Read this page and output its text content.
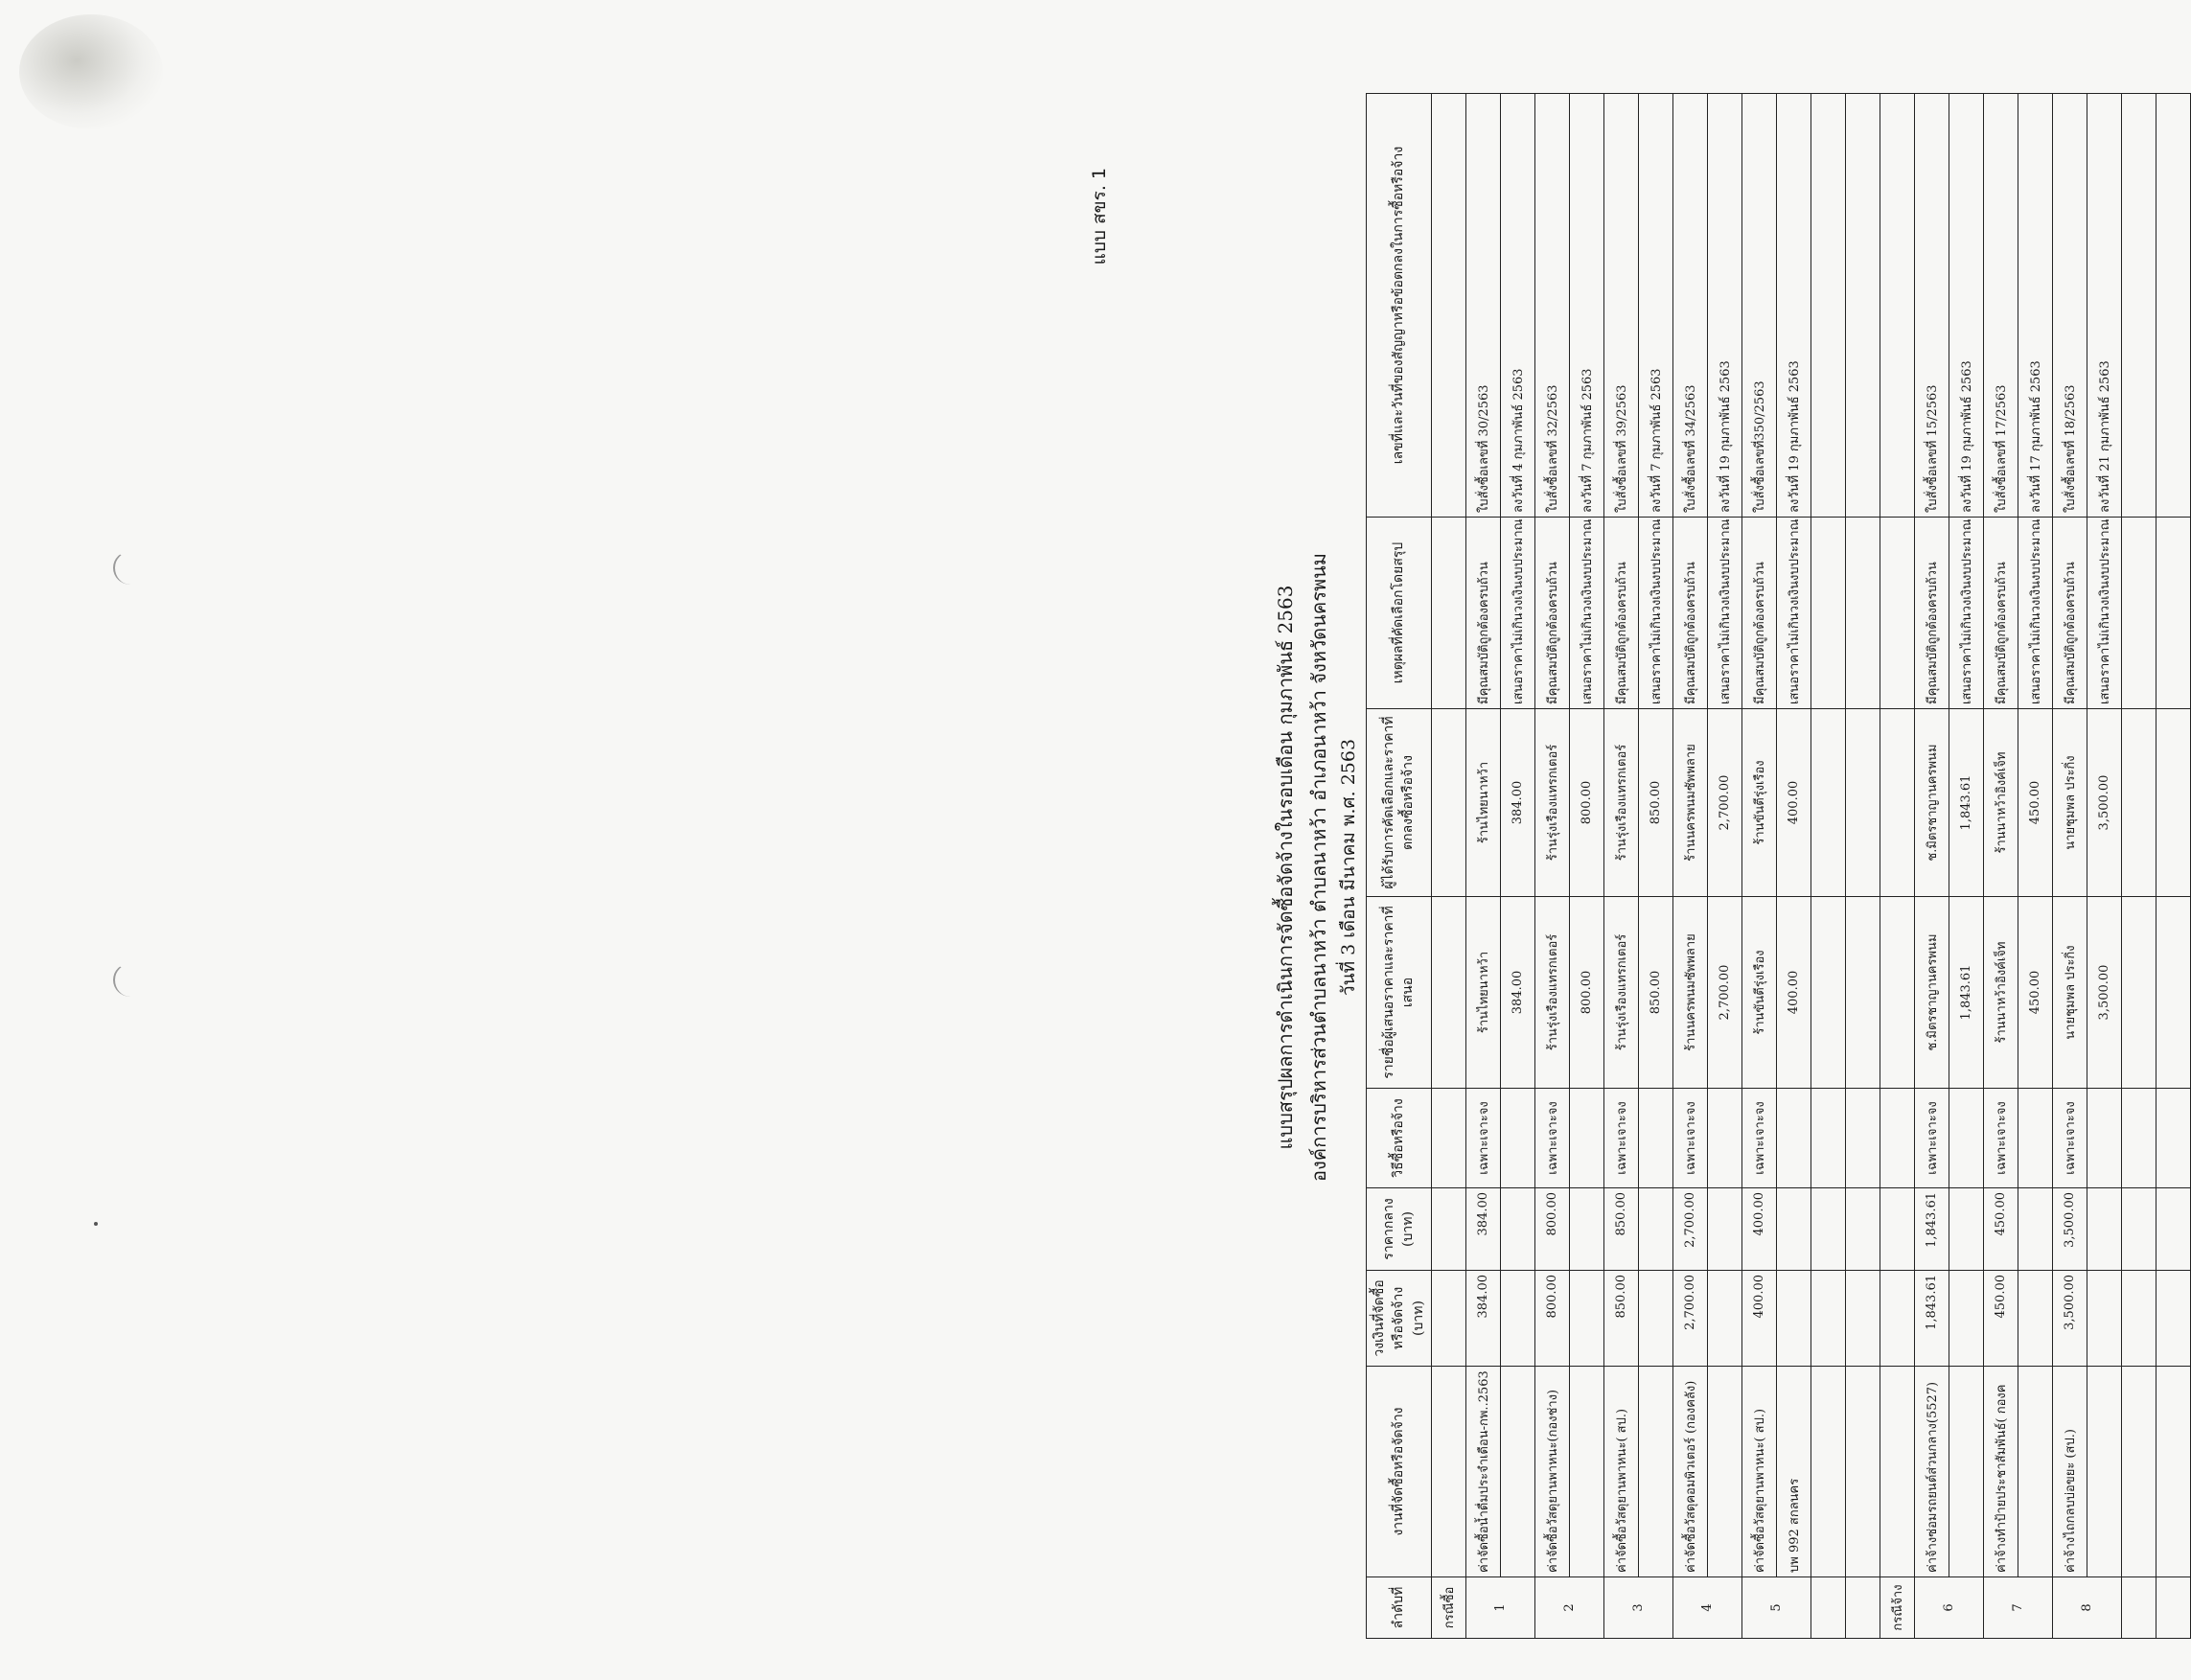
แบบ สขร. 1
แบบสรุปผลการดำเนินการจัดซื้อจัดจ้างในรอบเดือน กุมภาพันธ์ 2563 องค์การบริหารส่วนตำบลนาหว้า ตำบลนาหว้า อำเภอนาหว้า จังหวัดนครพนม วันที่ 3 เดือน มีนาคม พ.ศ. 2563
ลำดับที่	งานที่จัดซื้อหรือจัดจ้าง	วงเงินที่จัดซื้อหรือจัดจ้าง (บาท)	ราคากลาง (บาท)	วิธีซื้อหรือจ้าง	รายชื่อผู้เสนอราคาและราคาที่เสนอ	ผู้ได้รับการคัดเลือกและราคาที่ตกลงซื้อหรือจ้าง	เหตุผลที่คัดเลือกโดยสรุป	เลขที่และวันที่ของสัญญาหรือข้อตกลงในการซื้อหรือจ้าง
กรณีซื้อ								
1	ค่าจัดซื้อน้ำดื่มประจำเดือน-กพ..2563	384.00	384.00	เฉพาะเจาะจง	ร้านไทยนาหว้า	ร้านไทยนาหว้า	มีคุณสมบัติถูกต้องครบถ้วน	ใบสั่งซื้อเลขที่ 30/2563
					384.00	384.00	เสนอราคาไม่เกินวงเงินงบประมาณ	ลงวันที่ 4 กุมภาพันธ์ 2563
2	ค่าจัดซื้อวัสดุยานพาหนะ(กองช่าง)	800.00	800.00	เฉพาะเจาะจง	ร้านรุ่งเรืองแทรกเตอร์	ร้านรุ่งเรืองแทรกเตอร์	มีคุณสมบัติถูกต้องครบถ้วน	ใบสั่งซื้อเลขที่ 32/2563
					800.00	800.00	เสนอราคาไม่เกินวงเงินงบประมาณ	ลงวันที่ 7 กุมภาพันธ์ 2563
3	ค่าจัดซื้อวัสดุยานพาหนะ( สป.)	850.00	850.00	เฉพาะเจาะจง	ร้านรุ่งเรืองแทรกเตอร์	ร้านรุ่งเรืองแทรกเตอร์	มีคุณสมบัติถูกต้องครบถ้วน	ใบสั่งซื้อเลขที่ 39/2563
					850.00	850.00	เสนอราคาไม่เกินวงเงินงบประมาณ	ลงวันที่ 7 กุมภาพันธ์ 2563
4	ค่าจัดซื้อวัสดุคอมพิวเตอร์ (กองคลัง)	2,700.00	2,700.00	เฉพาะเจาะจง	ร้านนครพนมซัพพลาย	ร้านนครพนมซัพพลาย	มีคุณสมบัติถูกต้องครบถ้วน	ใบสั่งซื้อเลขที่ 34/2563
					2,700.00	2,700.00	เสนอราคาไม่เกินวงเงินงบประมาณ	ลงวันที่ 19 กุมภาพันธ์ 2563
5	ค่าจัดซื้อวัสดุยานพาหนะ( สป.)	400.00	400.00	เฉพาะเจาะจง	ร้านขันตีรุ่งเรือง	ร้านขันตีรุ่งเรือง	มีคุณสมบัติถูกต้องครบถ้วน	ใบสั่งซื้อเลขที่350/2563
	บพ 992 สกลนคร				400.00	400.00	เสนอราคาไม่เกินวงเงินงบประมาณ	ลงวันที่ 19 กุมภาพันธ์ 2563

กรณีจ้าง								
6	ค่าจ้างซ่อมรถยนต์ส่วนกลาง(5527)	1,843.61	1,843.61	เฉพาะเจาะจง	ช.มิตรชาญานครพนม	ช.มิตรชาญานครพนม	มีคุณสมบัติถูกต้องครบถ้วน	ใบสั่งซื้อเลขที่ 15/2563
					1,843.61	1,843.61	เสนอราคาไม่เกินวงเงินงบประมาณ	ลงวันที่ 19 กุมภาพันธ์ 2563
7	ค่าจ้างทำป้ายประชาสัมพันธ์( กองค	450.00	450.00	เฉพาะเจาะจง	ร้านนาหว้าอิงค์เจ็ท	ร้านนาหว้าอิงค์เจ็ท	มีคุณสมบัติถูกต้องครบถ้วน	ใบสั่งซื้อเลขที่ 17/2563
					450.00	450.00	เสนอราคาไม่เกินวงเงินงบประมาณ	ลงวันที่ 17 กุมภาพันธ์ 2563
8	ค่าจ้างไถกลบบ่อขยะ (สป.)	3,500.00	3,500.00	เฉพาะเจาะจง	นายชุมพล ประกิ่ง	นายชุมพล ประกิ่ง	มีคุณสมบัติถูกต้องครบถ้วน	ใบสั่งซื้อเลขที่ 18/2563
					3,500.00	3,500.00	เสนอราคาไม่เกินวงเงินงบประมาณ	ลงวันที่ 21 กุมภาพันธ์ 2563
